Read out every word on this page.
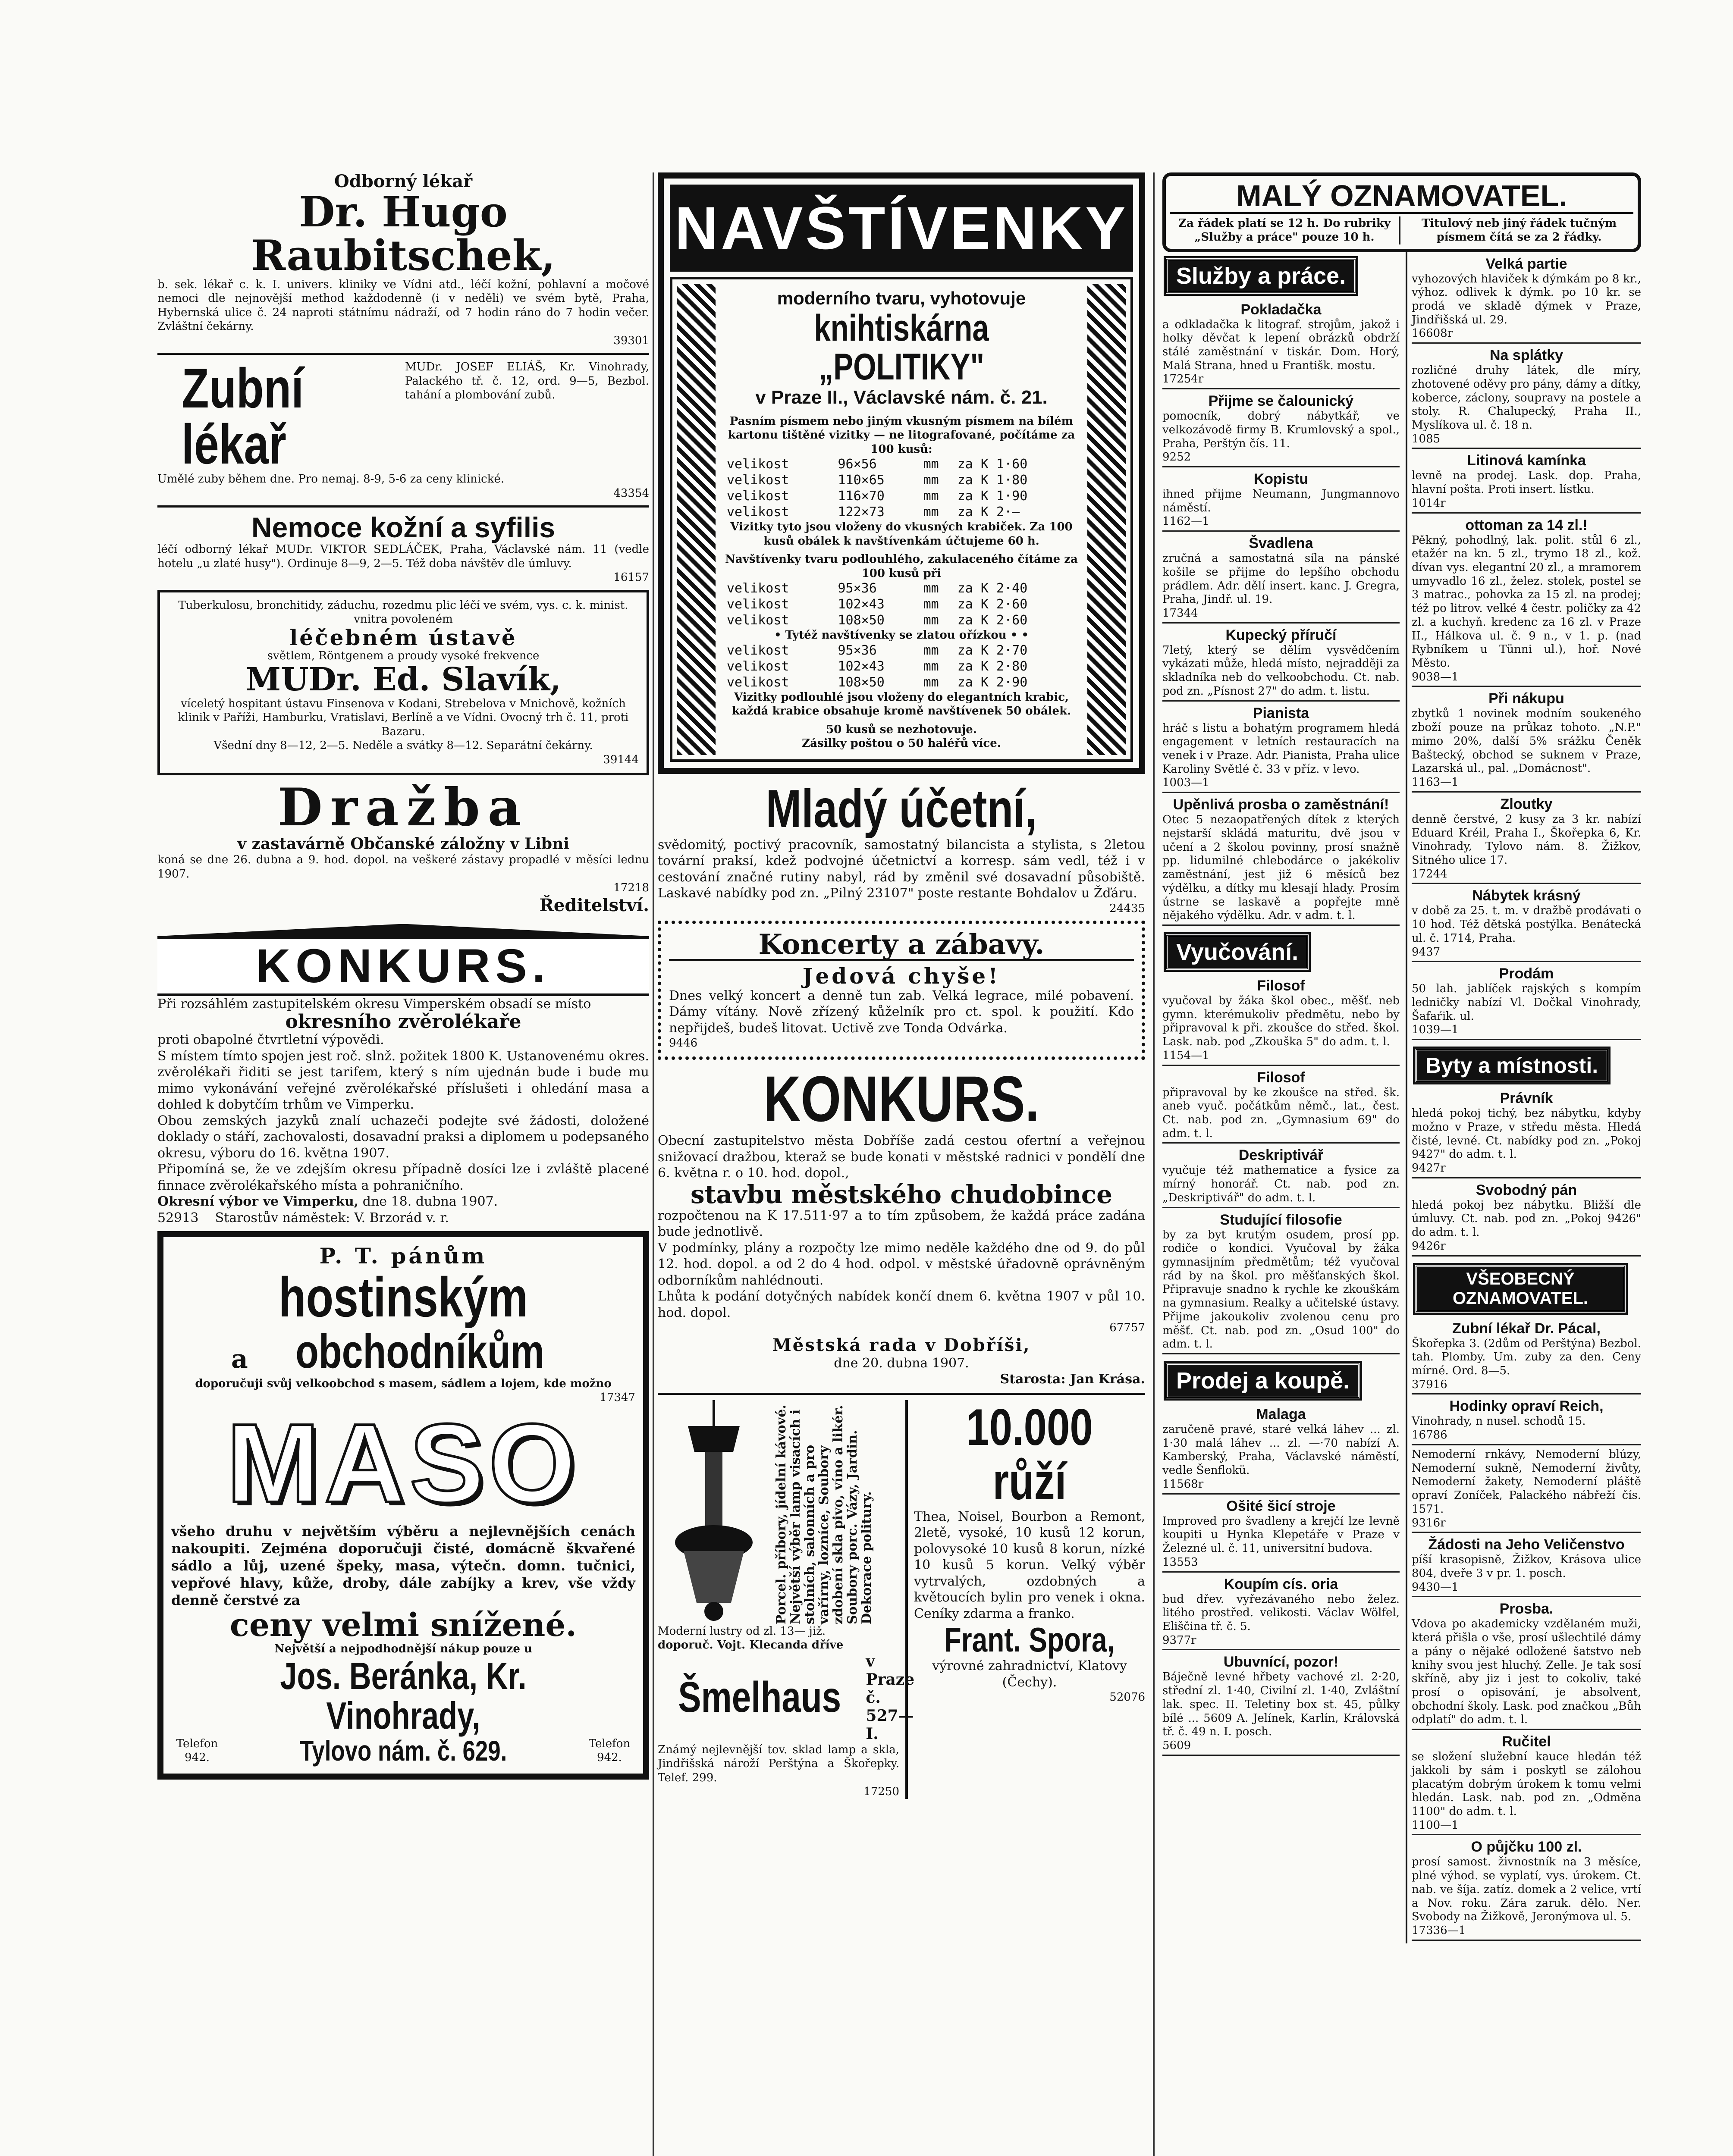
Odborný lékař
Dr. Hugo Raubitschek,
b. sek. lékař c. k. I. univers. kliniky ve Vídni atd., léčí kožní, pohlavní a močové nemoci dle nejnovější method každodenně (i v neděli) ve svém bytě, Praha, Hybernská ulice č. 24 naproti státnímu nádraží, od 7 hodin ráno do 7 hodin večer. Zvláštní čekárny.
39301
Zubní lékař
MUDr. JOSEF ELIÁŠ, Kr. Vinohrady, Palackého tř. č. 12, ord. 9—5, Bezbol. tahání a plombování zubů.
Umělé zuby během dne. Pro nemaj. 8-9, 5-6 za ceny klinické.
43354
Nemoce kožní a syfilis
léčí odborný lékař MUDr. VIKTOR SEDLÁČEK, Praha, Václavské nám. 11 (vedle hotelu „u zlaté husy"). Ordinuje 8—9, 2—5. Též doba návštěv dle úmluvy.
16157
Tuberkulosu, bronchitidy, záduchu, rozedmu plic léčí ve svém, vys. c. k. minist. vnitra povoleném
léčebném ústavě
světlem, Röntgenem a proudy vysoké frekvence
MUDr. Ed. Slavík,
víceletý hospitant ústavu Finsenova v Kodani, Strebelova v Mnichově, kožních klinik v Paříži, Hamburku, Vratislavi, Berlíně a ve Vídni. Ovocný trh č. 11, proti Bazaru.
Všední dny 8—12, 2—5. Neděle a svátky 8—12. Separátní čekárny.
39144
Dražba
v zastavárně Občanské záložny v Libni
koná se dne 26. dubna a 9. hod. dopol. na veškeré zástavy propadlé v měsíci lednu 1907.
17218
Ředitelství.
KONKURS.
Při rozsáhlém zastupitelském okresu Vimperském obsadí se místo
okresního zvěrolékaře
proti obapolné čtvrtletní výpovědi.
S místem tímto spojen jest roč. slnž. požitek 1800 K. Ustanovenému okres. zvěrolékaři řiditi se jest tarifem, který s ním ujednán bude i bude mu mimo vykonávání veřejné zvěrolékařské příslušeti i ohledání masa a dohled k dobytčím trhům ve Vimperku.
Obou zemských jazyků znalí uchazeči podejte své žádosti, doložené doklady o stáří, zachovalosti, dosavadní praksi a diplomem u podepsaného okresu, výboru do 16. května 1907.
Připomíná se, že ve zdejším okresu případně dosíci lze i zvláště placené finnace zvěrolékařského místa a pohraničního.
Okresní výbor ve Vimperku, dne 18. dubna 1907.
52913 Starostův náměstek: V. Brzorád v. r.
P. T. pánům
hostinským
a obchodníkům
doporučuji svůj velkoobchod s masem, sádlem a lojem, kde možno
17347
MASO
všeho druhu v největším výběru a nejlevnějších cenách nakoupiti. Zejména doporučuji čisté, domácně škvařené sádlo a lůj, uzené špeky, masa, výtečn. domn. tučnici, vepřové hlavy, kůže, droby, dále zabíjky a krev, vše vždy denně čerstvé za
ceny velmi snížené.
Největší a nejpodhodnější nákup pouze u
Jos. Beránka, Kr. Vinohrady,
Telefon 942.	Tylovo nám. č. 629.	Telefon 942.
NAVŠTÍVENKY
moderního tvaru, vyhotovuje
knihtiskárna „POLITIKY"
v Praze II., Václavské nám. č. 21.
Pasním písmem nebo jiným vkusným písmem na bílém kartonu tištěné vizitky — ne litografované, počítáme za 100 kusů:
velikost	96×56	mm	za K 1·60
velikost	110×65	mm	za K 1·80
velikost	116×70	mm	za K 1·90
velikost	122×73	mm	za K 2·—
Vizitky tyto jsou vloženy do vkusných krabiček. Za 100 kusů obálek k navštívenkám účtujeme 60 h.
Navštívenky tvaru podlouhlého, zakulaceného čítáme za 100 kusů při
velikost	95×36	mm	za K 2·40
velikost	102×43	mm	za K 2·60
velikost	108×50	mm	za K 2·60
• Tytéž navštívenky se zlatou ořízkou • •
velikost	95×36	mm	za K 2·70
velikost	102×43	mm	za K 2·80
velikost	108×50	mm	za K 2·90
Vizitky podlouhlé jsou vloženy do elegantních krabic, každá krabice obsahuje kromě navštívenek 50 obálek.
50 kusů se nezhotovuje.
Zásilky poštou o 50 haléřů více.
Mladý účetní,
svědomitý, poctivý pracovník, samostatný bilancista a stylista, s 2letou tovární praksí, kdež podvojné účetnictví a korresp. sám vedl, též i v cestování značné rutiny nabyl, rád by změnil své dosavadní působiště. Laskavé nabídky pod zn. „Pilný 23107" poste restante Bohdalov u Žďáru.
24435
Koncerty a zábavy.
Jedová chyše!
Dnes velký koncert a denně tun zab. Velká legrace, milé pobavení. Dámy vítány. Nově zřízený kůželník pro ct. spol. k použití. Kdo nepřijdeš, budeš litovat. Uctivě zve Tonda Odvárka.
9446
KONKURS.
Obecní zastupitelstvo města Dobříše zadá cestou ofertní a veřejnou snižovací dražbou, kteraž se bude konati v městské radnici v pondělí dne 6. května r. o 10. hod. dopol.,
stavbu městského chudobince
rozpočtenou na K 17.511·97 a to tím způsobem, že každá práce zadána bude jednotlivě.
V podmínky, plány a rozpočty lze mimo neděle každého dne od 9. do půl 12. hod. dopol. a od 2 do 4 hod. odpol. v městské úřadovně oprávněným odborníkům nahlédnouti.
Lhůta k podání dotyčných nabídek končí dnem 6. května 1907 v půl 10. hod. dopol.
67757
Městská rada v Dobříši,
dne 20. dubna 1907.
Starosta: Jan Krása.
Porcel. příbory, jídelní kávové. Největší výběr lamp visacích i stolních, salonních a pro vařírny, lozníce, Soubory zdobení skla pivo, víno a likér. Soubory porc. Vázy, Jardin. Dekorace politury.
Moderní lustry od zl. 13— již.
doporuč. Vojt. Klecanda dříve
Šmelhaus
v Praze č. 527—I.
Známý nejlevnější tov. sklad lamp a skla, Jindřišská nároží Perštýna a Škořepky. Telef. 299.
17250
10.000 růží
Thea, Noisel, Bourbon a Remont, 2letě, vysoké, 10 kusů 12 korun, polovysoké 10 kusů 8 korun, nízké 10 kusů 5 korun. Velký výběr vytrvalých, ozdobných a květoucích bylin pro venek i okna. Ceníky zdarma a franko.
Frant. Spora,
výrovné zahradnictví, Klatovy (Čechy).
52076
MALÝ OZNAMOVATEL.
Za řádek platí se 12 h. Do rubriky „Služby a práce" pouze 10 h.
Titulový neb jiný řádek tučným písmem čítá se za 2 řádky.
Služby a práce.
Pokladačka
a odkladačka k litograf. strojům, jakož i holky děvčat k lepení obrázků obdrží stálé zaměstnání v tiskár. Dom. Horý, Malá Strana, hned u Františk. mostu.
17254r
Přijme se čalounický
pomocník, dobrý nábytkář, ve velkozávodě firmy B. Krumlovský a spol., Praha, Perštýn čís. 11.
9252
Kopistu
ihned přijme Neumann, Jungmannovo náměstí.
1162—1
Švadlena
zručná a samostatná síla na pánské košile se přijme do lepšího obchodu prádlem. Adr. dělí insert. kanc. J. Gregra, Praha, Jindř. ul. 19.
17344
Kupecký příručí
7letý, který se dělím vysvědčením vykázati může, hledá místo, nejradději za skladníka neb do velkoobchodu. Ct. nab. pod zn. „Písnost 27" do adm. t. listu.
Pianista
hráč s listu a bohatým programem hledá engagement v letních restauracích na venek i v Praze. Adr. Pianista, Praha ulice Karoliny Světlé č. 33 v příz. v levo.
1003—1
Upěnlivá prosba o zaměstnání!
Otec 5 nezaopatřených dítek z kterých nejstarší skládá maturitu, dvě jsou v učení a 2 školou povinny, prosí snažně pp. lidumilné chlebodárce o jakékoliv zaměstnání, jest již 6 měsíců bez výdělku, a dítky mu klesají hlady. Prosím ústrne se laskavě a popřejte mně nějakého výdělku. Adr. v adm. t. l.
Vyučování.
Filosof
vyučoval by žáka škol obec., měšť. neb gymn. kterémukoliv předmětu, nebo by připravoval k při. zkoušce do střed. škol. Lask. nab. pod „Zkouška 5" do adm. t. l.
1154—1
Filosof
připravoval by ke zkoušce na střed. šk. aneb vyuč. počátkům němč., lat., čest. Ct. nab. pod zn. „Gymnasium 69" do adm. t. l.
Deskriptivář
vyučuje též mathematice a fysice za mírný honorář. Ct. nab. pod zn. „Deskriptivář" do adm. t. l.
Studující filosofie
by za byt krutým osudem, prosí pp. rodiče o kondici. Vyučoval by žáka gymnasijním předmětům; též vyučoval rád by na škol. pro měšťanských škol. Připravuje snadno k rychle ke zkouškám na gymnasium. Realky a učitelské ústavy. Přijme jakoukoliv zvolenou cenu pro měšť. Ct. nab. pod zn. „Osud 100" do adm. t. l.
Prodej a koupě.
Malaga
zaručeně pravé, staré velká láhev ... zl. 1·30 malá láhev ... zl. —·70 nabízí A. Kamberský, Praha, Václavské náměstí, vedle Šenflokü.
11568r
Ošité šicí stroje
Improved pro švadleny a krejčí lze levně koupiti u Hynka Klepetáře v Praze v Železné ul. č. 11, universitní budova.
13553
Koupím cís. oria
bud dřev. vyřezávaného nebo želez. litého prostřed. velikosti. Václav Wölfel, Eliščina tř. č. 5.
9377r
Ubuvnící, pozor!
Báječně levné hřbety vachové zl. 2·20, střední zl. 1·40, Civilní zl. 1·40, Zvláštní lak. spec. II. Teletiny box st. 45, půlky bílé ... 5609 A. Jelínek, Karlín, Královská tř. č. 49 n. I. posch.
5609
Velká partie
vyhozových hlaviček k dýmkám po 8 kr., výhoz. odlivek k dýmk. po 10 kr. se prodá ve skladě dýmek v Praze, Jindřišská ul. 29.
16608r
Na splátky
rozličné druhy látek, dle míry, zhotovené oděvy pro pány, dámy a dítky, koberce, záclony, soupravy na postele a stoly. R. Chalupecký, Praha II., Myslíkova ul. č. 18 n.
1085
Litinová kamínka
levně na prodej. Lask. dop. Praha, hlavní pošta. Proti insert. lístku.
1014r
ottoman za 14 zl.!
Pěkný, pohodlný, lak. polit. stůl 6 zl., etažér na kn. 5 zl., trymo 18 zl., kož. dívan vys. elegantní 20 zl., a mramorem umyvadlo 16 zl., želez. stolek, postel se 3 matrac., pohovka za 15 zl. na prodej; též po litrov. velké 4 čestr. poličky za 42 zl. a kuchyň. kredenc za 16 zl. v Praze II., Hálkova ul. č. 9 n., v 1. p. (nad Rybníkem u Tünni ul.), hoř. Nové Město.
9038—1
Při nákupu
zbytků 1 novinek modním soukeného zboží pouze na průkaz tohoto. „N.P." mimo 20%, další 5% srážku Čeněk Baštecký, obchod se suknem v Praze, Lazarská ul., pal. „Domácnost".
1163—1
Zloutky
denně čerstvé, 2 kusy za 3 kr. nabízí Eduard Kréil, Praha I., Škořepka 6, Kr. Vinohrady, Tylovo nám. 8. Žižkov, Sitného ulice 17.
17244
Nábytek krásný
v době za 25. t. m. v dražbě prodávati o 10 hod. Též dětská postýlka. Benátecká ul. č. 1714, Praha.
9437
Prodám
50 lah. jablíček rajských s kompím ledničky nabízí Vl. Dočkal Vinohrady, Šafaŕik. ul.
1039—1
Byty a místnosti.
Právník
hledá pokoj tichý, bez nábytku, kdyby možno v Praze, v středu města. Hledá čisté, levné. Ct. nabídky pod zn. „Pokoj 9427" do adm. t. l.
9427r
Svobodný pán
hledá pokoj bez nábytku. Bližší dle úmluvy. Ct. nab. pod zn. „Pokoj 9426" do adm. t. l.
9426r
VŠEOBECNÝ OZNAMOVATEL.
Zubní lékař Dr. Pácal,
Škořepka 3. (2dům od Perštýna) Bezbol. tah. Plomby. Um. zuby za den. Ceny mírné. Ord. 8—5.
37916
Hodinky opraví Reich,
Vinohrady, n nusel. schodů 15.
16786
Nemoderní rnkávy, Nemoderní blúzy, Nemoderní sukně, Nemoderní živůty, Nemoderní žakety, Nemoderní pláště opraví Zoníček, Palackého nábřeží čís. 1571.
9316r
Žádosti na Jeho Veličenstvo
píší krasopisně, Žižkov, Krásova ulice 804, dveře 3 v pr. 1. posch.
9430—1
Prosba.
Vdova po akademicky vzdělaném muži, která přišla o vše, prosí ušlechtilé dámy a pány o nějaké odložené šatstvo neb knihy svou jest hluchý. Zelle. Je tak sosí skříně, aby jiz i jest to cokoliv, také prosí o opisování, je absolvent, obchodní školy. Lask. pod značkou „Bůh odplatí" do adm. t. l.
Ručitel
se složení služební kauce hledán též jakkoli by sám i poskytl se zálohou placatým dobrým úrokem k tomu velmi hledán. Lask. nab. pod zn. „Odměna 1100" do adm. t. l.
1100—1
O půjčku 100 zl.
prosí samost. živnostník na 3 měsíce, plné výhod. se vyplatí, vys. úrokem. Ct. nab. ve šíja. zatíz. domek a 2 velice, vrtí a Nov. roku. Zára zaruk. dělo. Ner. Svobody na Žižkově, Jeronýmova ul. 5.
17336—1
